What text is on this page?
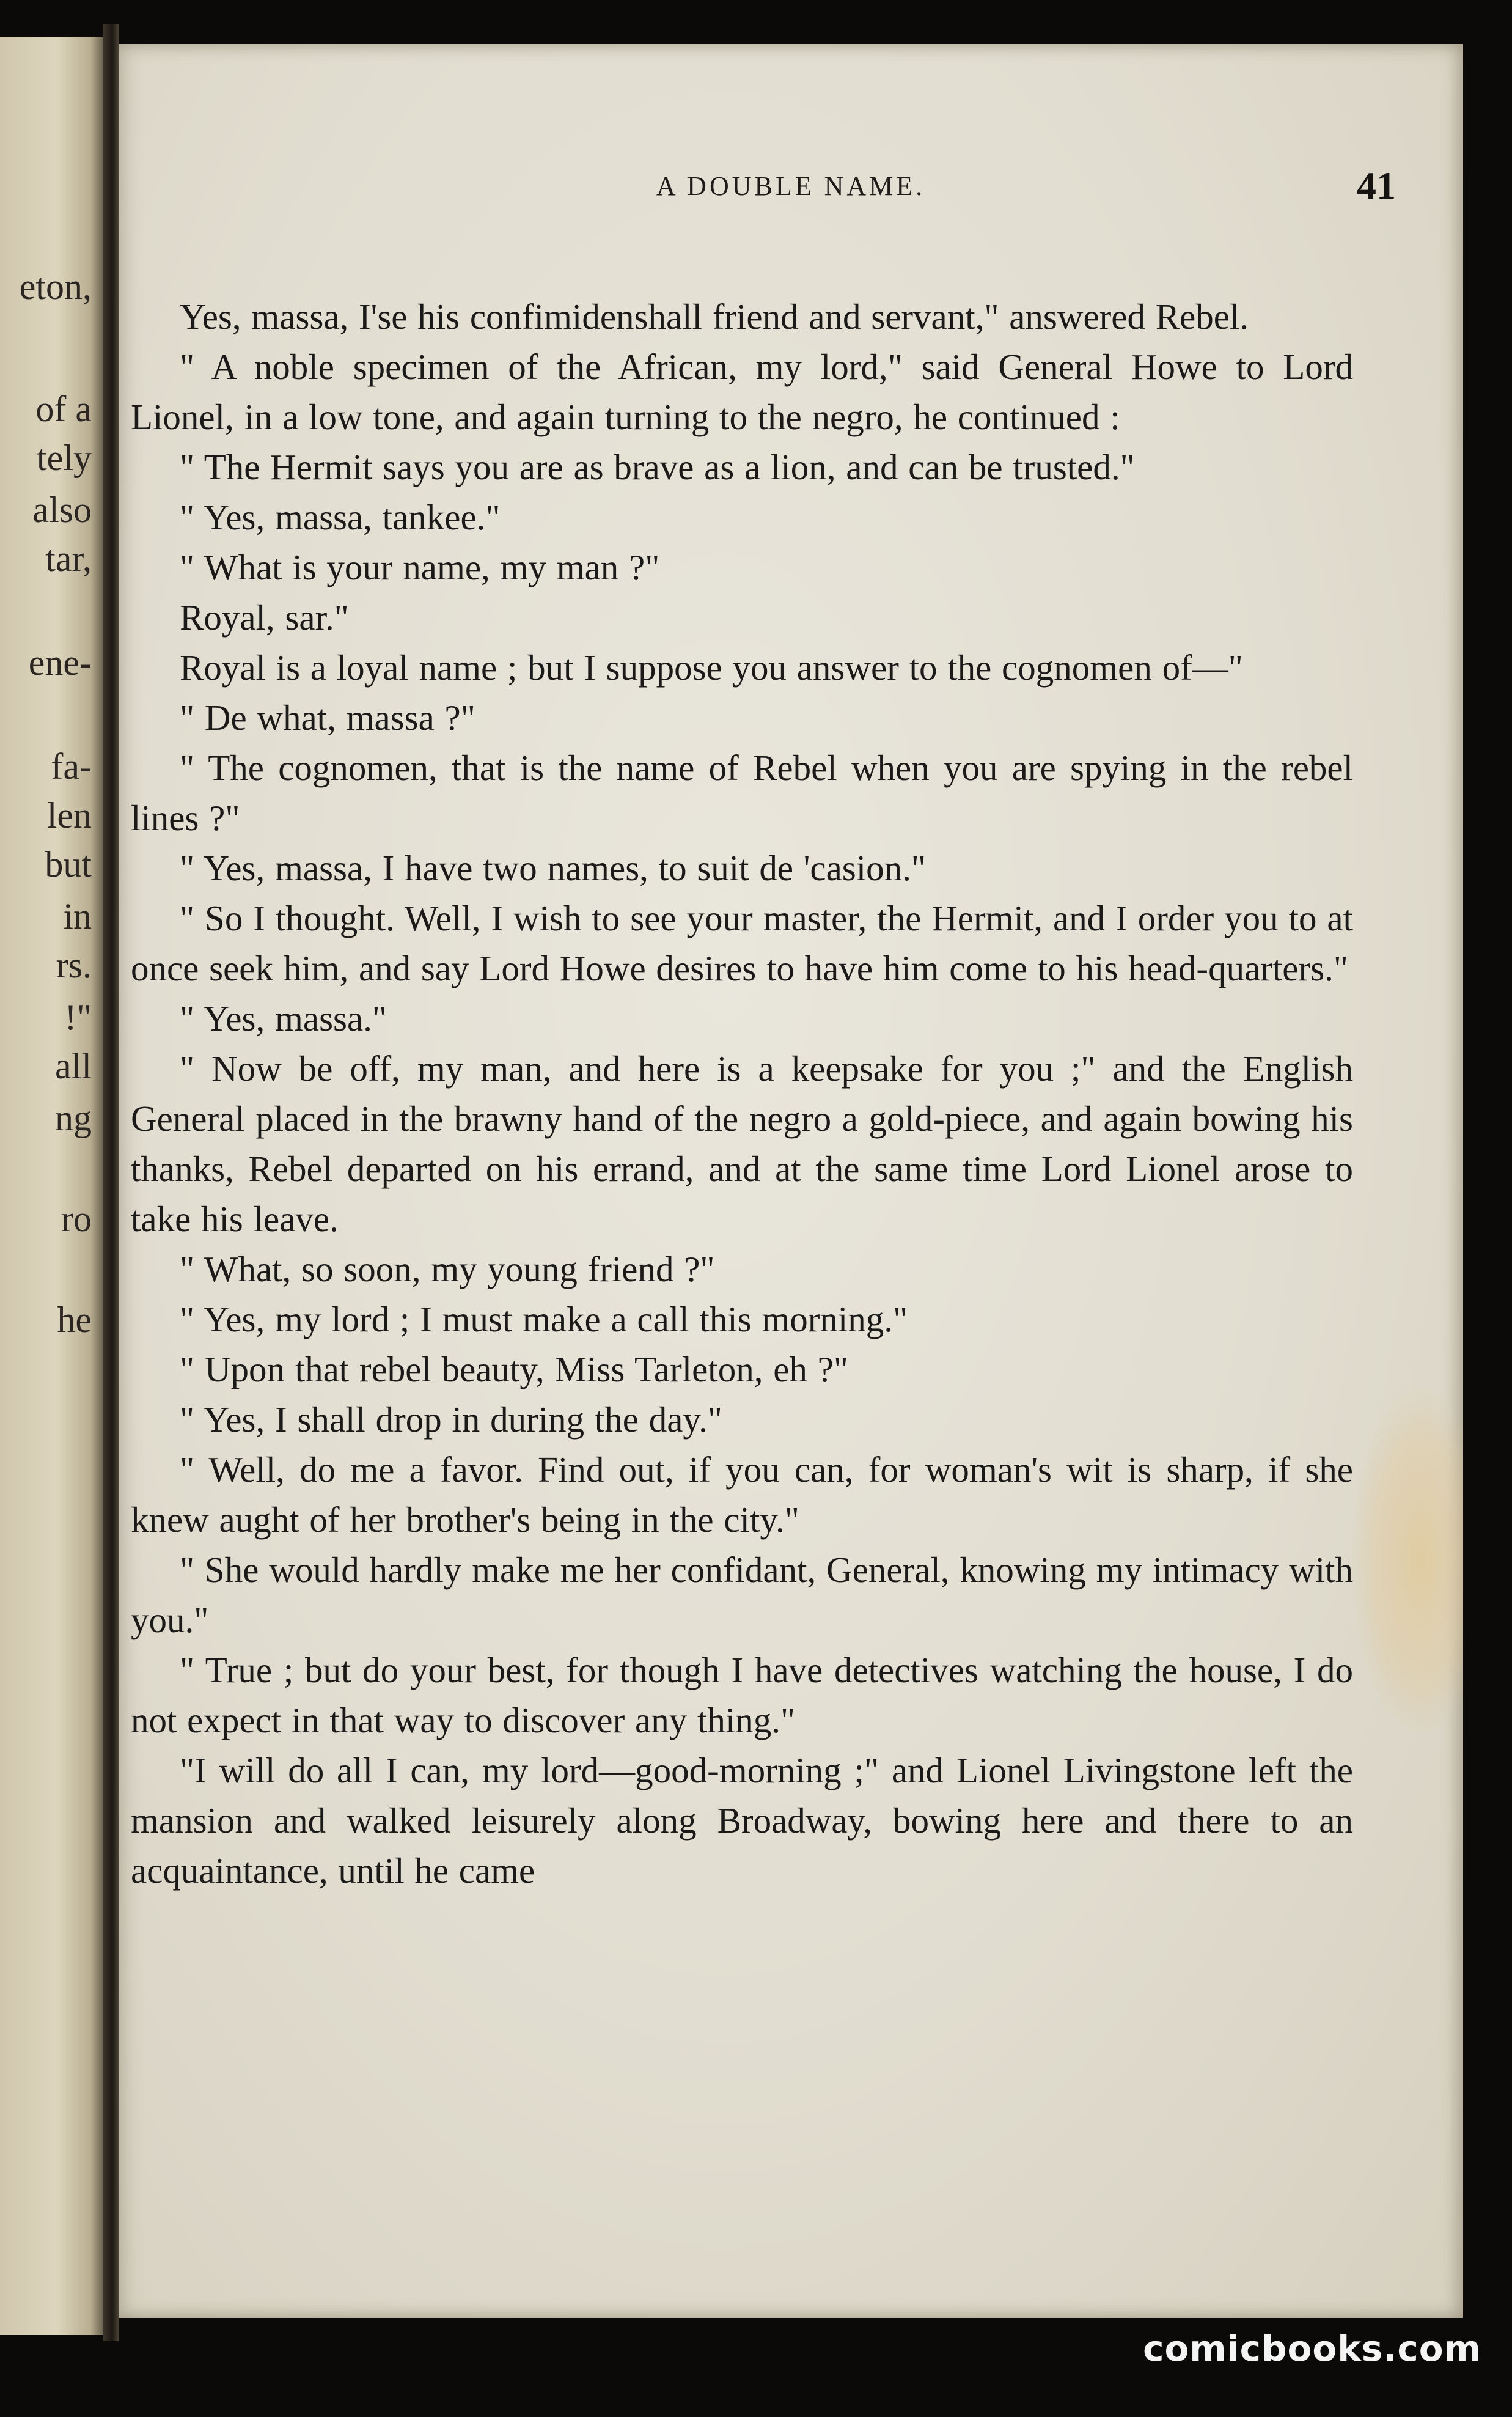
eton,
of a
tely
also
tar,
ene-
fa-
len
but
in
rs.
!"
all
ng
ro
he
A DOUBLE NAME.	41

Yes, massa, I'se his confimidenshall friend and servant," answered Rebel.

" A noble specimen of the African, my lord," said General Howe to Lord Lionel, in a low tone, and again turning to the negro, he continued :

" The Hermit says you are as brave as a lion, and can be trusted."

" Yes, massa, tankee."

" What is your name, my man ?"

Royal, sar."

Royal is a loyal name ; but I suppose you answer to the cognomen of—"

" De what, massa ?"

" The cognomen, that is the name of Rebel when you are spying in the rebel lines ?"

" Yes, massa, I have two names, to suit de 'casion."

" So I thought. Well, I wish to see your master, the Hermit, and I order you to at once seek him, and say Lord Howe desires to have him come to his head-quarters."

" Yes, massa."

" Now be off, my man, and here is a keepsake for you ;" and the English General placed in the brawny hand of the negro a gold-piece, and again bowing his thanks, Rebel departed on his errand, and at the same time Lord Lionel arose to take his leave.

" What, so soon, my young friend ?"

" Yes, my lord ; I must make a call this morning."

" Upon that rebel beauty, Miss Tarleton, eh ?"

" Yes, I shall drop in during the day."

" Well, do me a favor. Find out, if you can, for woman's wit is sharp, if she knew aught of her brother's being in the city."

" She would hardly make me her confidant, General, knowing my intimacy with you."

" True ; but do your best, for though I have detectives watching the house, I do not expect in that way to discover any thing."

"I will do all I can, my lord—good-morning ;" and Lionel Livingstone left the mansion and walked leisurely along Broadway, bowing here and there to an acquaintance, until he came

comicbooks.com
